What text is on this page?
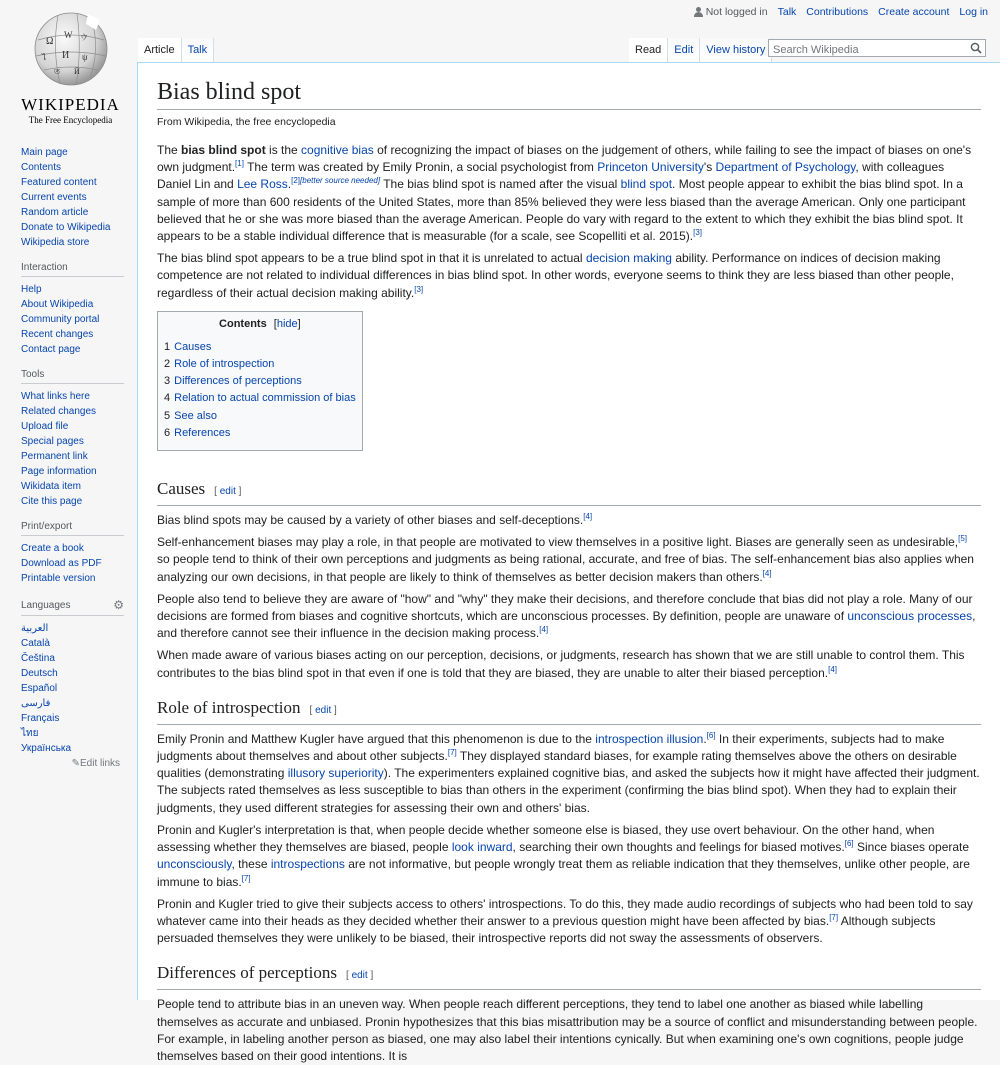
Not logged in Talk Contributions Create account Log in
Ω
W ウ
ไ И ψ
ত Й
WIKIPEDIA
The Free Encyclopedia
Main page
Contents
Featured content
Current events
Random article
Donate to Wikipedia
Wikipedia store
Interaction
Help
About Wikipedia
Community portal
Recent changes
Contact page
Tools
What links here
Related changes
Upload file
Special pages
Permanent link
Page information
Wikidata item
Cite this page
Print/export
Create a book
Download as PDF
Printable version
Languages	⚙
العربية
Català
Čeština
Deutsch
Español
فارسی
Français
ไทย
Українська
✎Edit links
Article	Talk	Read	Edit	View history
Search Wikipedia
Bias blind spot
From Wikipedia, the free encyclopedia

The bias blind spot is the cognitive bias of recognizing the impact of biases on the judgement of others, while failing to see the impact of biases on one's own judgment.[1] The term was created by Emily Pronin, a social psychologist from Princeton University's Department of Psychology, with colleagues Daniel Lin and Lee Ross.[2][better source needed] The bias blind spot is named after the visual blind spot. Most people appear to exhibit the bias blind spot. In a sample of more than 600 residents of the United States, more than 85% believed they were less biased than the average American. Only one participant believed that he or she was more biased than the average American. People do vary with regard to the extent to which they exhibit the bias blind spot. It appears to be a stable individual difference that is measurable (for a scale, see Scopelliti et al. 2015).[3]

The bias blind spot appears to be a true blind spot in that it is unrelated to actual decision making ability. Performance on indices of decision making competence are not related to individual differences in bias blind spot. In other words, everyone seems to think they are less biased than other people, regardless of their actual decision making ability.[3]

Contents [hide]
1 Causes
2 Role of introspection
3 Differences of perceptions
4 Relation to actual commission of bias
5 See also
6 References
Causes [ edit ]

Bias blind spots may be caused by a variety of other biases and self-deceptions.[4]

Self-enhancement biases may play a role, in that people are motivated to view themselves in a positive light. Biases are generally seen as undesirable,[5] so people tend to think of their own perceptions and judgments as being rational, accurate, and free of bias. The self-enhancement bias also applies when analyzing our own decisions, in that people are likely to think of themselves as better decision makers than others.[4]

People also tend to believe they are aware of "how" and "why" they make their decisions, and therefore conclude that bias did not play a role. Many of our decisions are formed from biases and cognitive shortcuts, which are unconscious processes. By definition, people are unaware of unconscious processes, and therefore cannot see their influence in the decision making process.[4]

When made aware of various biases acting on our perception, decisions, or judgments, research has shown that we are still unable to control them. This contributes to the bias blind spot in that even if one is told that they are biased, they are unable to alter their biased perception.[4]

Role of introspection [ edit ]

Emily Pronin and Matthew Kugler have argued that this phenomenon is due to the introspection illusion.[6] In their experiments, subjects had to make judgments about themselves and about other subjects.[7] They displayed standard biases, for example rating themselves above the others on desirable qualities (demonstrating illusory superiority). The experimenters explained cognitive bias, and asked the subjects how it might have affected their judgment. The subjects rated themselves as less susceptible to bias than others in the experiment (confirming the bias blind spot). When they had to explain their judgments, they used different strategies for assessing their own and others' bias.

Pronin and Kugler's interpretation is that, when people decide whether someone else is biased, they use overt behaviour. On the other hand, when assessing whether they themselves are biased, people look inward, searching their own thoughts and feelings for biased motives.[6] Since biases operate unconsciously, these introspections are not informative, but people wrongly treat them as reliable indication that they themselves, unlike other people, are immune to bias.[7]

Pronin and Kugler tried to give their subjects access to others' introspections. To do this, they made audio recordings of subjects who had been told to say whatever came into their heads as they decided whether their answer to a previous question might have been affected by bias.[7] Although subjects persuaded themselves they were unlikely to be biased, their introspective reports did not sway the assessments of observers.

Differences of perceptions [ edit ]

People tend to attribute bias in an uneven way. When people reach different perceptions, they tend to label one another as biased while labelling themselves as accurate and unbiased. Pronin hypothesizes that this bias misattribution may be a source of conflict and misunderstanding between people. For example, in labeling another person as biased, one may also label their intentions cynically. But when examining one's own cognitions, people judge themselves based on their good intentions. It is
